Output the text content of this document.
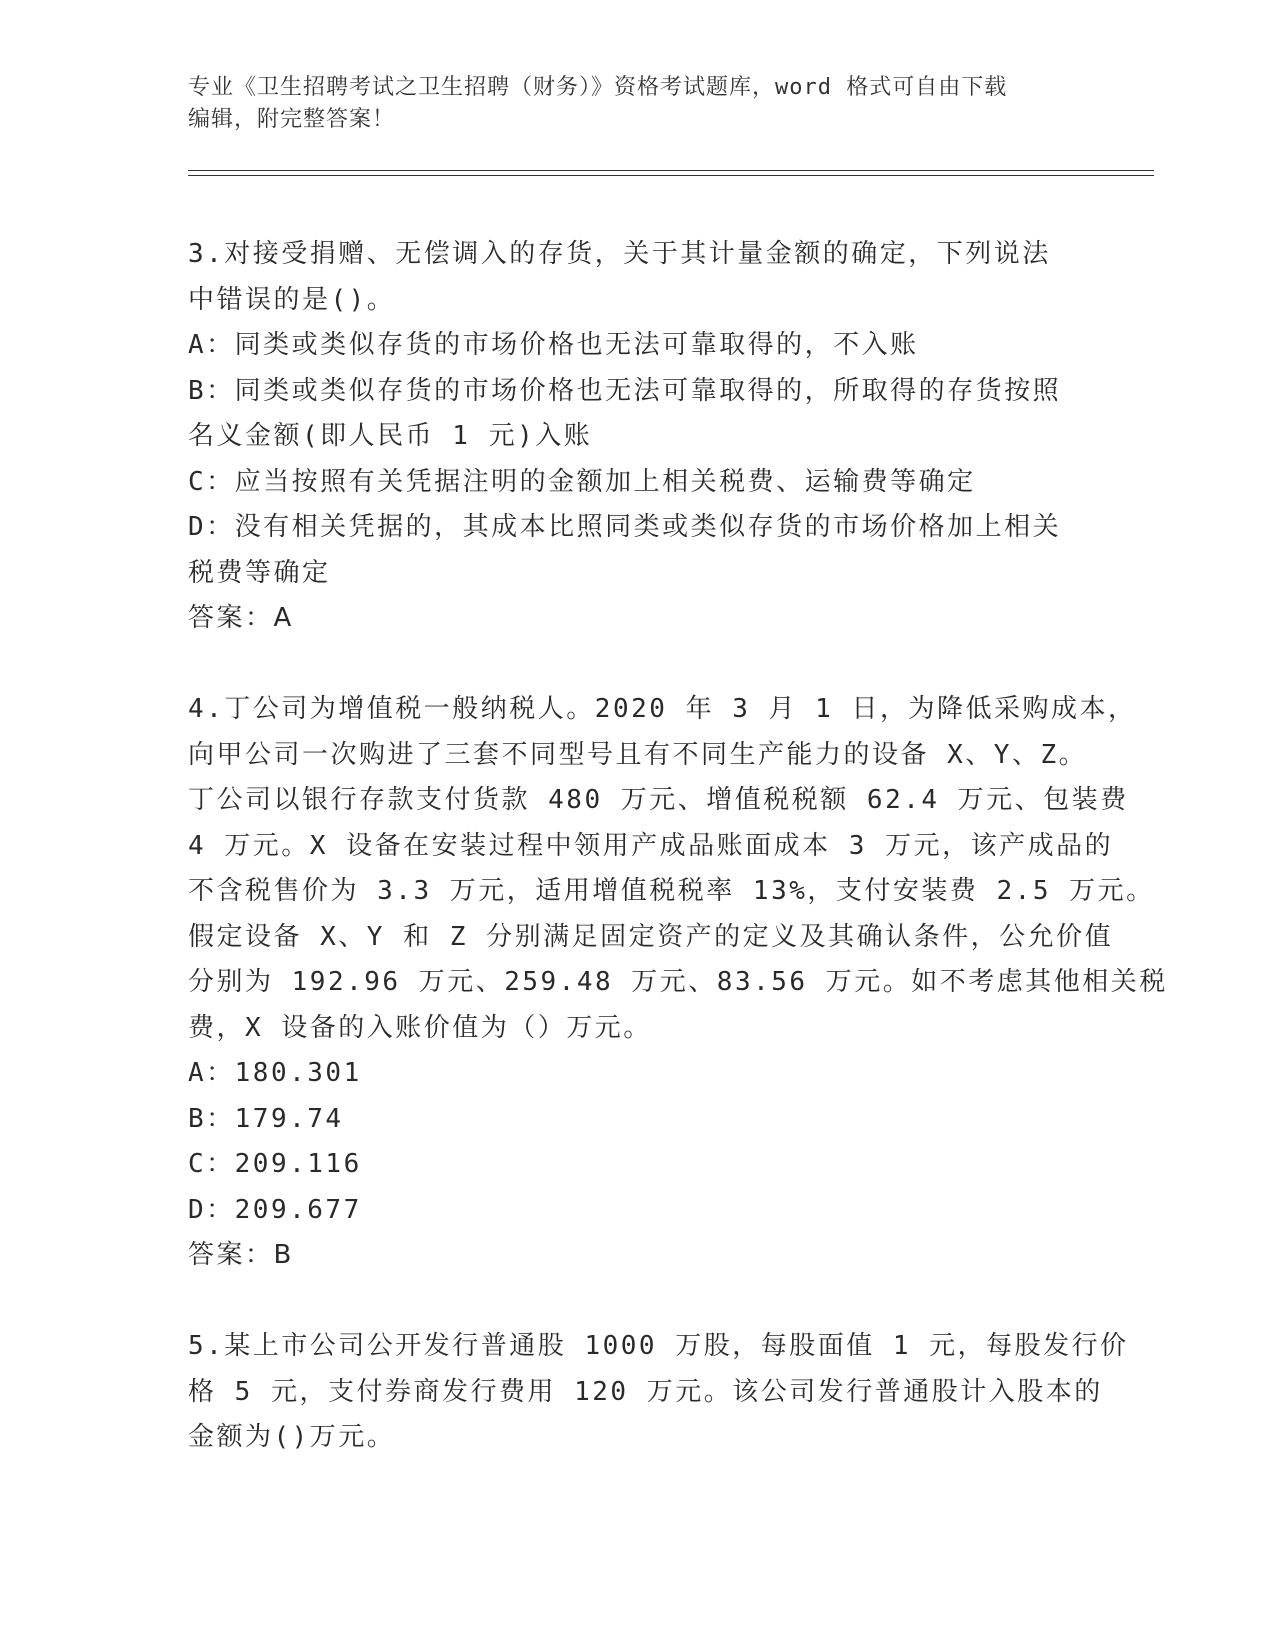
专业《卫生招聘考试之卫生招聘（财务）》资格考试题库，word 格式可自由下载
编辑，附完整答案！
3.对接受捐赠、无偿调入的存货，关于其计量金额的确定，下列说法
中错误的是()。
A：同类或类似存货的市场价格也无法可靠取得的，不入账
B：同类或类似存货的市场价格也无法可靠取得的，所取得的存货按照
名义金额(即人民币 1 元)入账
C：应当按照有关凭据注明的金额加上相关税费、运输费等确定
D：没有相关凭据的，其成本比照同类或类似存货的市场价格加上相关
税费等确定
答案：A
4.丁公司为增值税一般纳税人。2020 年 3 月 1 日，为降低采购成本，
向甲公司一次购进了三套不同型号且有不同生产能力的设备 X、Y、Z。
丁公司以银行存款支付货款 480 万元、增值税税额 62.4 万元、包装费
4 万元。X 设备在安装过程中领用产成品账面成本 3 万元，该产成品的
不含税售价为 3.3 万元，适用增值税税率 13%，支付安装费 2.5 万元。
假定设备 X、Y 和 Z 分别满足固定资产的定义及其确认条件，公允价值
分别为 192.96 万元、259.48 万元、83.56 万元。如不考虑其他相关税
费，X 设备的入账价值为（）万元。
A：180.301
B：179.74
C：209.116
D：209.677
答案：B
5.某上市公司公开发行普通股 1000 万股，每股面值 1 元，每股发行价
格 5 元，支付券商发行费用 120 万元。该公司发行普通股计入股本的
金额为()万元。
